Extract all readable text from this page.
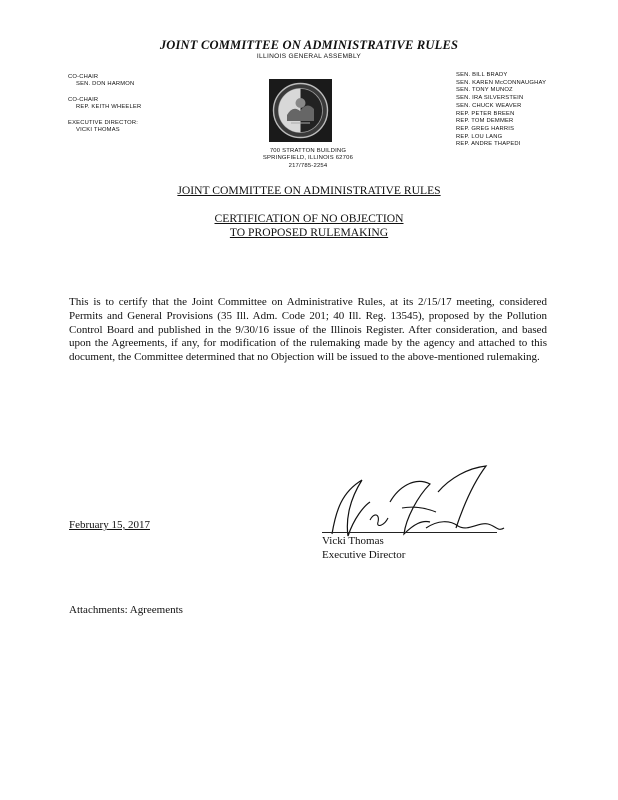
JOINT COMMITTEE ON ADMINISTRATIVE RULES
ILLINOIS GENERAL ASSEMBLY
CO-CHAIR
SEN. DON HARMON
CO-CHAIR
REP. KEITH WHEELER
EXECUTIVE DIRECTOR:
VICKI THOMAS
SEN. BILL BRADY
SEN. KAREN McCONNAUGHAY
SEN. TONY MUNOZ
SEN. IRA SILVERSTEIN
SEN. CHUCK WEAVER
REP. PETER BREEN
REP. TOM DEMMER
REP. GREG HARRIS
REP. LOU LANG
REP. ANDRE THAPEDI
700 STRATTON BUILDING
SPRINGFIELD, ILLINOIS 62706
217/785-2254
JOINT COMMITTEE ON ADMINISTRATIVE RULES
CERTIFICATION OF NO OBJECTION
TO PROPOSED RULEMAKING
This is to certify that the Joint Committee on Administrative Rules, at its 2/15/17 meeting, considered Permits and General Provisions (35 Ill. Adm. Code 201; 40 Ill. Reg. 13545), proposed by the Pollution Control Board and published in the 9/30/16 issue of the Illinois Register. After consideration, and based upon the Agreements, if any, for modification of the rulemaking made by the agency and attached to this document, the Committee determined that no Objection will be issued to the above-mentioned rulemaking.
February 15, 2017
Vicki Thomas
Executive Director
Attachments: Agreements
